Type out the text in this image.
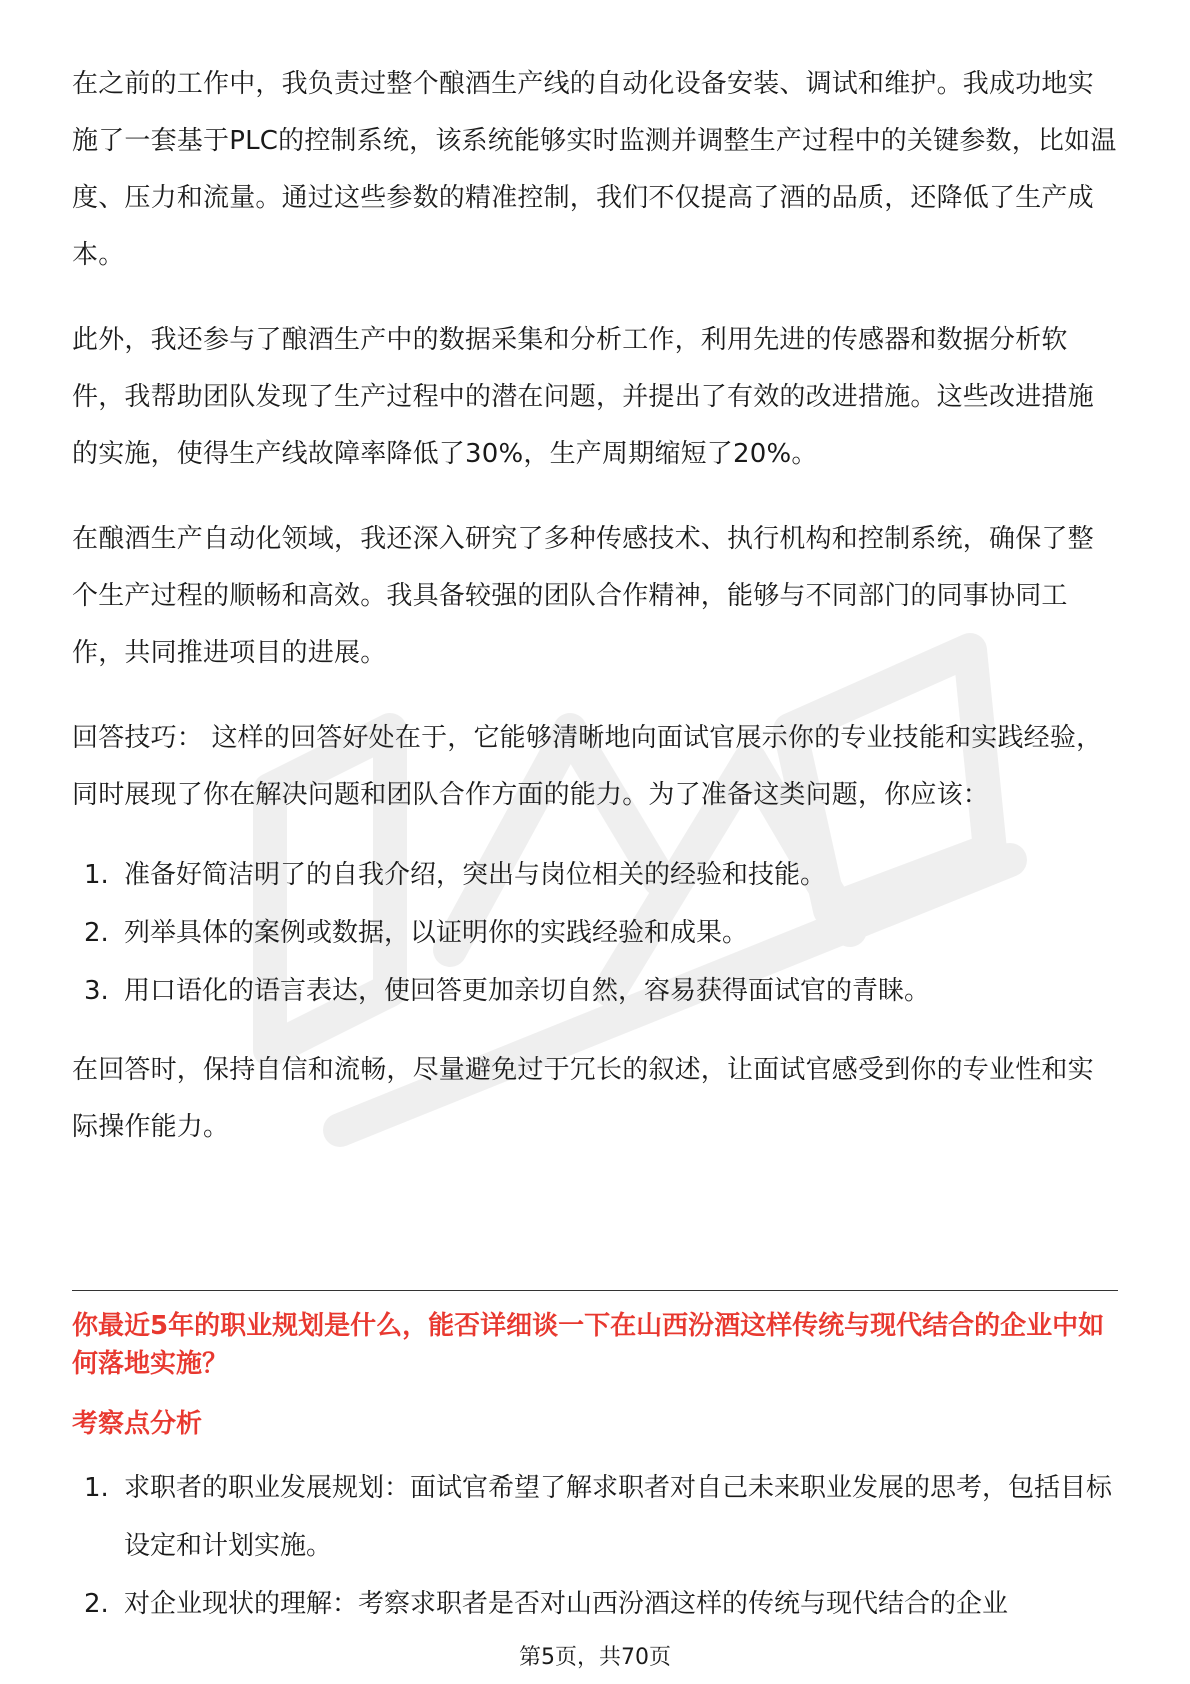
在之前的工作中，我负责过整个酿酒生产线的自动化设备安装、调试和维护。我成功地实施了一套基于PLC的控制系统，该系统能够实时监测并调整生产过程中的关键参数，比如温度、压力和流量。通过这些参数的精准控制，我们不仅提高了酒的品质，还降低了生产成本。

此外，我还参与了酿酒生产中的数据采集和分析工作，利用先进的传感器和数据分析软件，我帮助团队发现了生产过程中的潜在问题，并提出了有效的改进措施。这些改进措施的实施，使得生产线故障率降低了30%，生产周期缩短了20%。

在酿酒生产自动化领域，我还深入研究了多种传感技术、执行机构和控制系统，确保了整个生产过程的顺畅和高效。我具备较强的团队合作精神，能够与不同部门的同事协同工作，共同推进项目的进展。

回答技巧： 这样的回答好处在于，它能够清晰地向面试官展示你的专业技能和实践经验，同时展现了你在解决问题和团队合作方面的能力。为了准备这类问题，你应该：

1. 准备好简洁明了的自我介绍，突出与岗位相关的经验和技能。
2. 列举具体的案例或数据，以证明你的实践经验和成果。
3. 用口语化的语言表达，使回答更加亲切自然，容易获得面试官的青睐。

在回答时，保持自信和流畅，尽量避免过于冗长的叙述，让面试官感受到你的专业性和实际操作能力。

你最近5年的职业规划是什么，能否详细谈一下在山西汾酒这样传统与现代结合的企业中如何落地实施？

考察点分析

1. 求职者的职业发展规划：面试官希望了解求职者对自己未来职业发展的思考，包括目标设定和计划实施。
2. 对企业现状的理解：考察求职者是否对山西汾酒这样的传统与现代结合的企业
第5页，共70页
